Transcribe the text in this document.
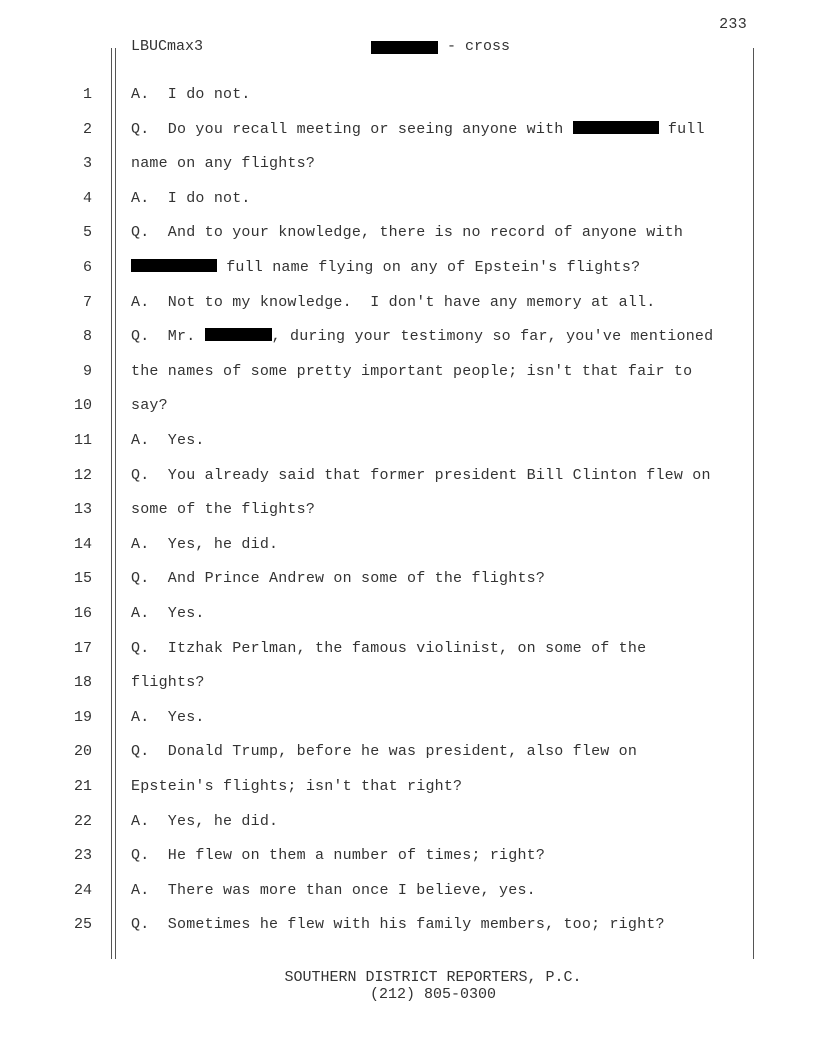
233
LBUCmax3	- cross
1	A.  I do not.
2	Q.  Do you recall meeting or seeing anyone with	full
3	name on any flights?
4	A.  I do not.
5	Q.  And to your knowledge, there is no record of anyone with
6	full name flying on any of Epstein's flights?
7	A.  Not to my knowledge.  I don't have any memory at all.
8	Q.  Mr.	, during your testimony so far, you've mentioned
9	the names of some pretty important people; isn't that fair to
10	say?
11	A.  Yes.
12	Q.  You already said that former president Bill Clinton flew on
13	some of the flights?
14	A.  Yes, he did.
15	Q.  And Prince Andrew on some of the flights?
16	A.  Yes.
17	Q.  Itzhak Perlman, the famous violinist, on some of the
18	flights?
19	A.  Yes.
20	Q.  Donald Trump, before he was president, also flew on
21	Epstein's flights; isn't that right?
22	A.  Yes, he did.
23	Q.  He flew on them a number of times; right?
24	A.  There was more than once I believe, yes.
25	Q.  Sometimes he flew with his family members, too; right?
SOUTHERN DISTRICT REPORTERS, P.C.
(212) 805-0300
